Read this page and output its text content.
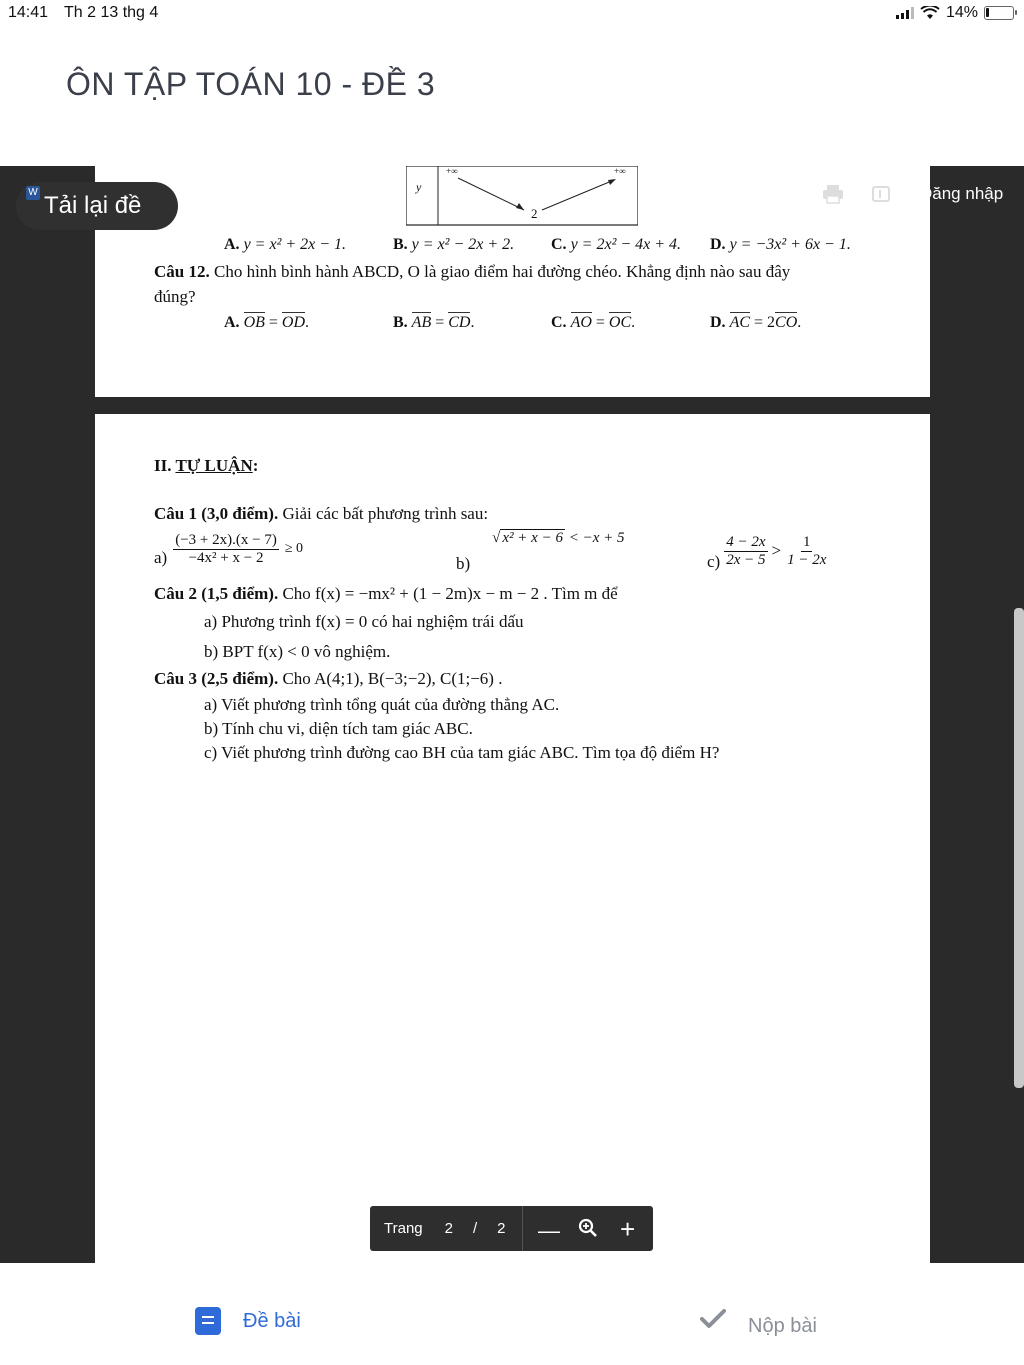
14:41 Th 2 13 thg 4	14%
ÔN TẬP TOÁN 10 - ĐỀ 3
y
+∞	+∞
2
A. y = x² + 2x − 1.	B. y = x² − 2x + 2. C. y = 2x² − 4x + 4. D. y = −3x² + 6x − 1.
Câu 12. Cho hình bình hành ABCD, O là giao điểm hai đường chéo. Khẳng định nào sau đây
đúng?
A. OB = OD.	B. AB = CD.	C. AO = OC.	D. AC = 2CO.
II. TỰ LUẬN:
Câu 1 (3,0 điểm). Giải các bất phương trình sau:
$a) \frac{(-3 + 2x).(x - 7)}{\text{−4x² + x − 2}} \ge 0$
b)
√ x² + x − 6 < −x + 5
$c) \frac{4 - 2x}{2x - 5} > \frac{1}{1 - 2x}$
Câu 2 (1,5 điểm). Cho f(x) = −mx² + (1 − 2m)x − m − 2 . Tìm m để
a) Phương trình f(x) = 0 có hai nghiệm trái dấu
b) BPT f(x) < 0 vô nghiệm.
Câu 3 (2,5 điểm). Cho A(4;1), B(−3;−2), C(1;−6) .
a) Viết phương trình tổng quát của đường thẳng AC.
b) Tính chu vi, diện tích tam giác ABC.
c) Viết phương trình đường cao BH của tam giác ABC. Tìm tọa độ điểm H?
Tải lại đề
W	Đăng nhập
Trang 2 / 2 — +
Đề bài	Nộp bài
